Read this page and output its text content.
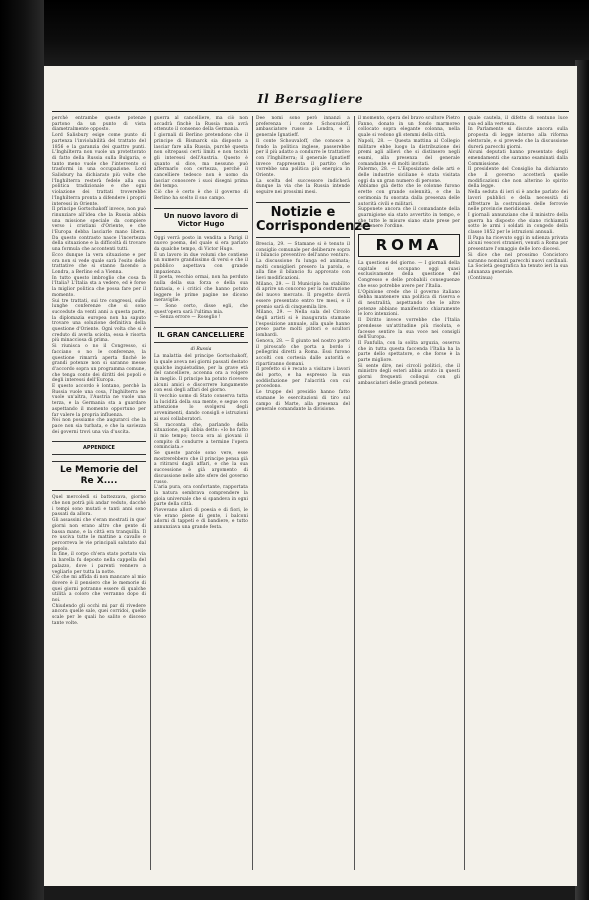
Il Bersagliere

perchè entrambe queste potenze partono da un punto di vista diametralmente opposto.
Lord Salisbury esige come punto di partenza l'inviolabilità del trattato del 1856 e la garanzia dei quattro punti. L'Inghilterra non vuole un protettorato di fatto della Russia sulla Bulgaria, e tanto meno vuole che l'intervento si trasformi in una occupazione. Lord Salisbury ha dichiarato più volte che l'Inghilterra resterà fedele alla sua politica tradizionale e che ogni violazione dei trattati troverebbe l'Inghilterra pronta a difendere i proprii interessi in Oriente.
Il principe Gortschakoff invece, non può rinunziare all'idea che la Russia abbia una missione speciale da compiere verso i cristiani d'Oriente, e che l'Europa debba lasciarle mano libera. Da questo contrasto nasce l'incertezza della situazione e la difficoltà di trovare una formula che accontenti tutti.
Ecco dunque la vera situazione e per ora non si vede quale sarà l'esito delle trattative che si stanno facendo a Londra, a Berlino ed a Vienna.
In tutto questo imbroglio che cosa fa l'Italia? L'Italia sta a vedere, ed è forse la miglior politica che possa fare per il momento.
Sui tre trattati, sui tre congressi, sulle lunghe conferenze che si sono succedute da venti anni a questa parte, la diplomazia europea non ha saputo trovare una soluzione definitiva della questione d'Oriente. Ogni volta che si è creduto di averla sciolta, essa è risorta più minacciosa di prima.
Si riunisca o no il Congresso, si facciano o no le conferenze, la questione rimarrà aperta finchè le grandi potenze non si saranno messe d'accordo sopra un programma comune, che tenga conto dei diritti dei popoli e degli interessi dell'Europa.
E questo accordo è lontano, perchè la Russia vuole una cosa, l'Inghilterra ne vuole un'altra, l'Austria ne vuole una terza, e la Germania sta a guardare aspettando il momento opportuno per far valere la propria influenza.
Noi non possiamo che augurarci che la pace non sia turbata, e che la saviezza dei governi trovi una via d'uscita.

APPENDICE
Le Memorie del Re X....

Quel mercoledì si battezzava, giorno che non potrà più andar veduto, dacchè i tempi sono mutati e tanti anni sono passati da allora.
Gli assassini che s'eran mostrati in que' giorni non erano altro che gente di bassa mano, e la città era tranquilla. Il re usciva tutte le mattine a cavallo e percorreva le vie principali salutato dal popolo.
In fine, il corpo ch'era stato portato via in barella fu deposto nella cappella del palazzo, dove i parenti vennero a vegliarlo per tutta la notte.
Ciò che mi affida di non mancare al mio dovere è il pensiero che le memorie di quei giorni potranno essere di qualche utilità a coloro che verranno dopo di noi.
Chiudendo gli occhi mi par di rivedere ancora quelle sale, quei corridoi, quelle scale per le quali ho salito e disceso tante volte.

guerra al cancelliere, ma ciò non accadrà finchè la Russia non avrà ottenuto il consenso della Germania.
I giornali di Berlino pretendono che il principe di Bismarck sia disposto a lasciar fare alla Russia, purchè questa non oltrepassi certi limiti e non tocchi gli interessi dell'Austria. Questo è quanto si dice, ma nessuno può affermarlo con certezza, perchè il cancelliere tedesco non è uomo da lasciar conoscere i suoi disegni prima del tempo.
Ciò che è certo è che il governo di Berlino ha scelto il suo campo.

Un nuovo lavoro di Victor Hugo

Oggi verrà posto in vendita a Parigi il nuovo poema, del quale si era parlato da qualche tempo, di Victor Hugo.
È un lavoro in due volumi che contiene un numero grandissimo di versi e che il pubblico aspettava con grande impazienza.
Il poeta, vecchio ormai, non ha perduto nulla della sua forza e della sua fantasia, e i critici che hanno potuto leggere le prime pagine ne dicono meraviglie.
— Sono certo, disse egli, che quest'opera sarà l'ultima mia.
— Senza errore — Roseglio !

IL GRAN CANCELLIERE
di Russia

La malattia del principe Gortschakoff, la quale aveva nei giorni passati destato qualche inquietudine, per la grave età del cancelliere, accenna ora a volgere in meglio. Il principe ha potuto ricevere alcuni amici e discorrere lungamente con essi degli affari del giorno.
Il vecchio uomo di Stato conserva tutta la lucidità della sua mente, e segue con attenzione lo svolgersi degli avvenimenti, dando consigli e istruzioni ai suoi collaboratori.
Si racconta che, parlando della situazione, egli abbia detto: «Io ho fatto il mio tempo; tocca ora ai giovani il compito di condurre a termine l'opera cominciata.»
Se queste parole sono vere, esse mostrerebbero che il principe pensa già a ritirarsi dagli affari, e che la sua successione è già argomento di discussione nelle alte sfere del governo russo.
L'aria pura, ora confortante, rapportata la natura sembrava comprendere la gioia universale che si spandeva in ogni parte della città.
Piovevano allori di poesia e di fiori, le vie erano piene di gente, i balconi adorni di tappeti e di bandiere, e tutto annunziava una grande festa.

Dee nomi sono però innanzi a preferenza i conte Schouvaloff, ambasciatore russo a Londra, e il generale Ignatieff.
Il conte Schouvaloff, che conosce a fondo la politica inglese, passerebbe per il più adatto a condurre le trattative con l'Inghilterra; il generale Ignatieff invece rappresenta il partito che vorrebbe una politica più energica in Oriente.
La scelta del successore indicherà dunque la via che la Russia intende seguire nei prossimi mesi.

Notizie e Corrispondenze

Brescia, 29. — Stamane si è tenuto il consiglio comunale per deliberare sopra il bilancio preventivo dell'anno venturo. La discussione fu lunga ed animata; molti consiglieri presero la parola, e alla fine il bilancio fu approvato con lievi modificazioni.
Milano, 29. — Il Municipio ha stabilito di aprire un concorso per la costruzione del nuovo mercato. Il progetto dovrà essere presentato entro tre mesi, e il premio sarà di cinquemila lire.
Milano, 29. — Nella sala del Circolo degli artisti si è inaugurata stamane l'esposizione annuale, alla quale hanno preso parte molti pittori e scultori lombardi.
Genova, 28. — È giunto nel nostro porto il piroscafo che porta a bordo i pellegrini diretti a Roma. Essi furono accolti con cortesia dalle autorità e ripartiranno domani.
Il prefetto si è recato a visitare i lavori del porto, e ha espresso la sua soddisfazione per l'alacrità con cui procedono.
Le truppe del presidio hanno fatto stamane le esercitazioni di tiro sul campo di Marte, alla presenza del generale comandante la divisione.

il momento, opera del bravo scultore Pietro Fanno, donato in un fondo marmoreo collocato sopra elegante colonna, nella quale si vedono gli stemmi della città.
Napoli, 28. — Questa mattina al Collegio militare ebbe luogo la distribuzione dei premi agli allievi che si distinsero negli esami, alla presenza del generale comandante e di molti invitati.
Palermo, 28. — L'Esposizione delle arti e delle industrie siciliane è stata visitata oggi da un gran numero di persone.
Abbiamo già detto che le colonne furono erette con grande solennità, e che la cerimonia fu onorata dalla presenza delle autorità civili e militari.
Supponete ancora che il comandante della guarnigione sia stato avvertito in tempo, e che tutte le misure siano state prese per mantenere l'ordine.

ROMA

La questione del giorno. — I giornali della capitale si occupano oggi quasi esclusivamente della questione del Congresso e delle probabili conseguenze che esso potrebbe avere per l'Italia.
L'Opinione crede che il governo italiano debba mantenere una politica di riserva e di neutralità, aspettando che le altre potenze abbiano manifestato chiaramente le loro intenzioni.
Il Diritto invece vorrebbe che l'Italia prendesse un'attitudine più risoluta, e facesse sentire la sua voce nei consigli dell'Europa.
Il Fanfulla, con la solita arguzia, osserva che in tutta questa faccenda l'Italia ha la parte dello spettatore, e che forse è la parte migliore.
Si sente dire, nei circoli politici, che il ministro degli esteri abbia avuto in questi giorni frequenti colloqui con gli ambasciatori delle grandi potenze.

quale cautela, il difetto di ventuno luce sua ed alla vertenza.
In Parlamento si discute ancora sulla proposta di legge intorno alla riforma elettorale, e si prevede che la discussione durerà parecchi giorni.
Alcuni deputati hanno presentato degli emendamenti che saranno esaminati dalla Commissione.
Il presidente del Consiglio ha dichiarato che il governo accetterà quelle modificazioni che non alterino lo spirito della legge.
Nella seduta di ieri si è anche parlato dei lavori pubblici e della necessità di affrettare la costruzione delle ferrovie nelle provincie meridionali.
I giornali annunziano che il ministro della guerra ha disposto che siano richiamati sotto le armi i soldati in congedo della classe 1852 per le istruzioni annuali.
Il Papa ha ricevuto oggi in udienza privata alcuni vescovi stranieri, venuti a Roma per presentare l'omaggio delle loro diocesi.
Si dice che nel prossimo Concistoro saranno nominati parecchi nuovi cardinali.
La Società geografica ha tenuto ieri la sua adunanza generale.
(Continua)
